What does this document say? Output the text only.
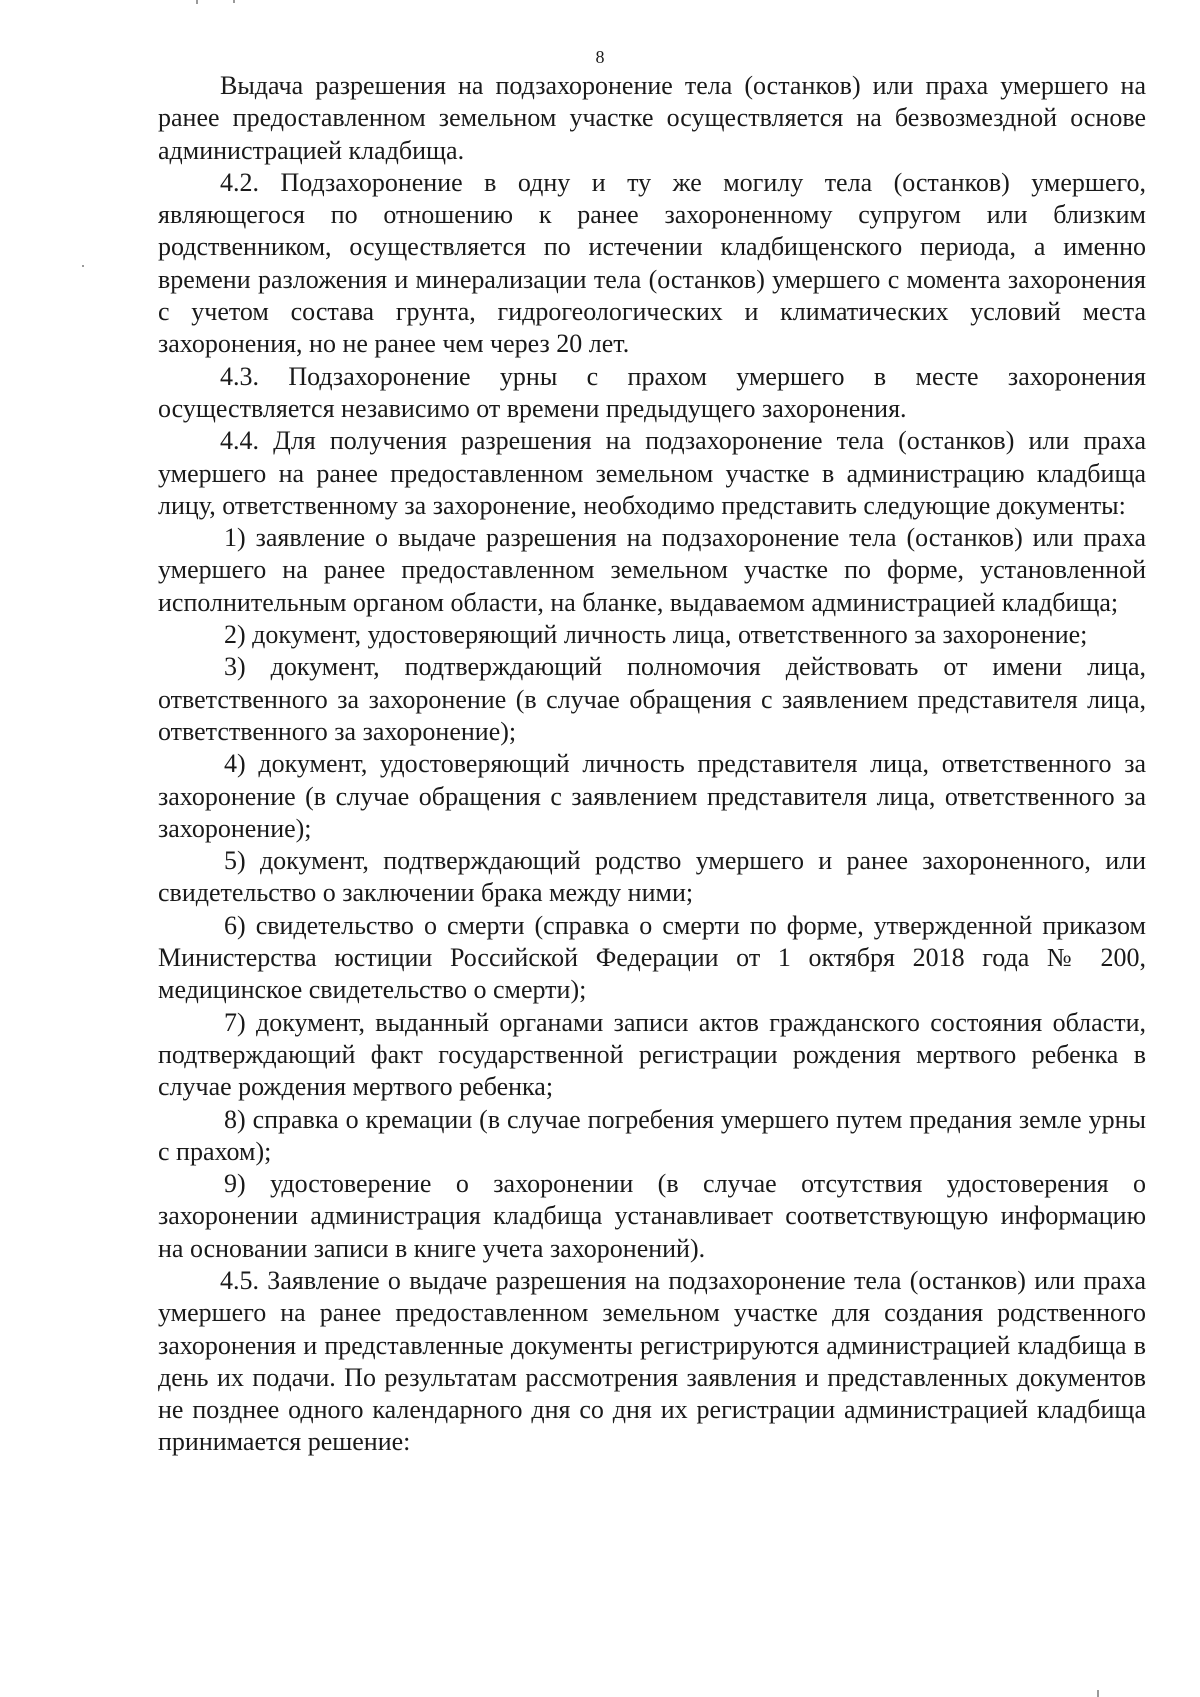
8

Выдача разрешения на подзахоронение тела (останков) или праха умершего на ранее предоставленном земельном участке осуществляется на безвозмездной основе администрацией кладбища.

4.2. Подзахоронение в одну и ту же могилу тела (останков) умершего, являющегося по отношению к ранее захороненному супругом или близким родственником, осуществляется по истечении кладбищенского периода, а именно времени разложения и минерализации тела (останков) умершего с момента захоронения с учетом состава грунта, гидрогеологических и климатических условий места захоронения, но не ранее чем через 20 лет.

4.3. Подзахоронение урны с прахом умершего в месте захоронения осуществляется независимо от времени предыдущего захоронения.

4.4. Для получения разрешения на подзахоронение тела (останков) или праха умершего на ранее предоставленном земельном участке в администрацию кладбища лицу, ответственному за захоронение, необходимо представить следующие документы:

1) заявление о выдаче разрешения на подзахоронение тела (останков) или праха умершего на ранее предоставленном земельном участке по форме, установленной исполнительным органом области, на бланке, выдаваемом администрацией кладбища;

2) документ, удостоверяющий личность лица, ответственного за захоронение;

3) документ, подтверждающий полномочия действовать от имени лица, ответственного за захоронение (в случае обращения с заявлением представителя лица, ответственного за захоронение);

4) документ, удостоверяющий личность представителя лица, ответственного за захоронение (в случае обращения с заявлением представителя лица, ответственного за захоронение);

5) документ, подтверждающий родство умершего и ранее захороненного, или свидетельство о заключении брака между ними;

6) свидетельство о смерти (справка о смерти по форме, утвержденной приказом Министерства юстиции Российской Федерации от 1 октября 2018 года № 200, медицинское свидетельство о смерти);

7) документ, выданный органами записи актов гражданского состояния области, подтверждающий факт государственной регистрации рождения мертвого ребенка в случае рождения мертвого ребенка;

8) справка о кремации (в случае погребения умершего путем предания земле урны с прахом);

9) удостоверение о захоронении (в случае отсутствия удостоверения о захоронении администрация кладбища устанавливает соответствующую информацию на основании записи в книге учета захоронений).

4.5. Заявление о выдаче разрешения на подзахоронение тела (останков) или праха умершего на ранее предоставленном земельном участке для создания родственного захоронения и представленные документы регистрируются администрацией кладбища в день их подачи. По результатам рассмотрения заявления и представленных документов не позднее одного календарного дня со дня их регистрации администрацией кладбища принимается решение:
